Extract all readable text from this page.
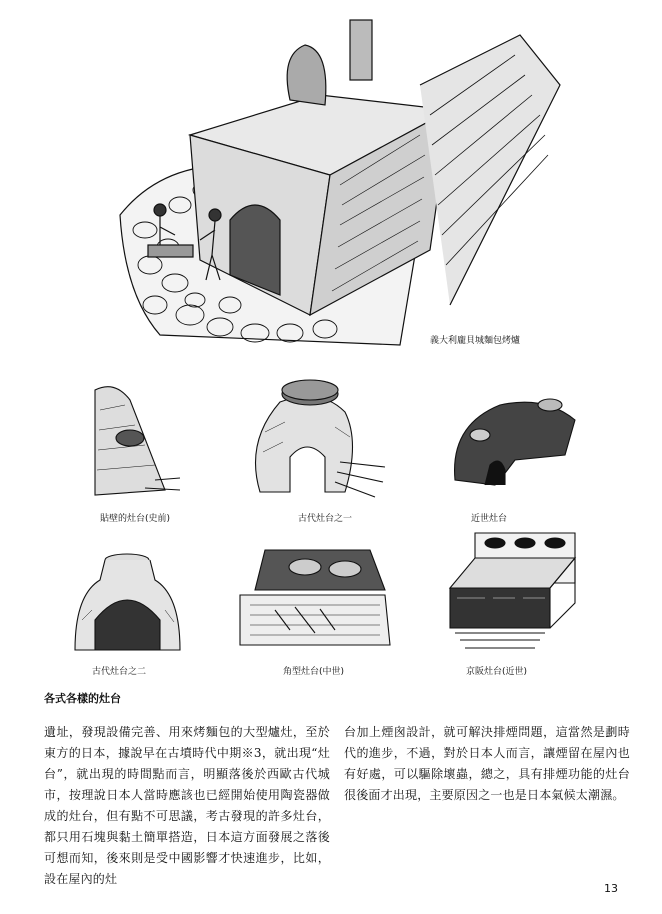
義大利龐貝城麵包烤爐
貼壁的灶台(史前)	古代灶台之一	近世灶台
古代灶台之二	角型灶台(中世)	京阪灶台(近世)
各式各樣的灶台

遺址，發現設備完善、用來烤麵包的大型爐灶，至於東方的日本，據說早在古墳時代中期※3，就出現“灶台”，就出現的時間點而言，明顯落後於西歐古代城市，按理說日本人當時應該也已經開始使用陶瓷器做成的灶台，但有點不可思議，考古發現的許多灶台，都只用石塊與黏土簡單搭造，日本這方面發展之落後可想而知，後來則是受中國影響才快速進步，比如，設在屋內的灶

台加上煙囪設計，就可解決排煙問題，這當然是劃時代的進步，不過，對於日本人而言，讓煙留在屋內也有好處，可以驅除壞蟲，總之，具有排煙功能的灶台很後面才出現，主要原因之一也是日本氣候太潮濕。

13
